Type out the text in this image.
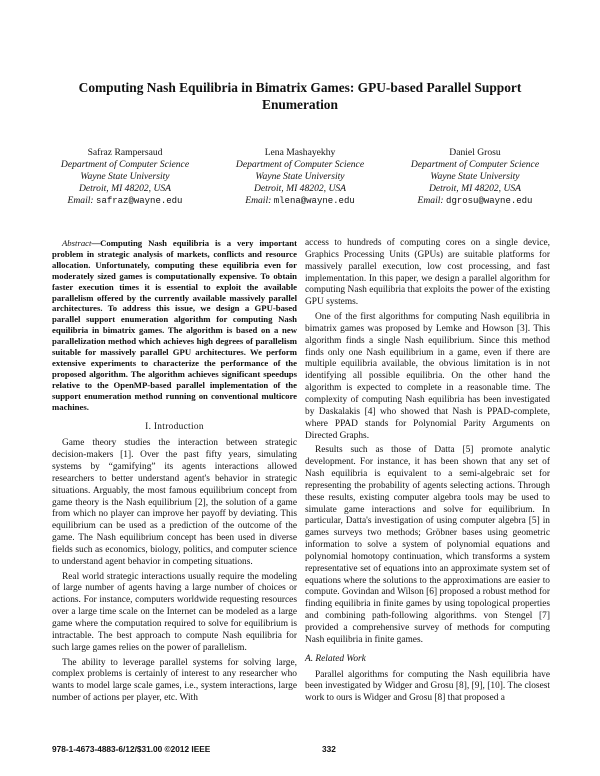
Computing Nash Equilibria in Bimatrix Games: GPU-based Parallel Support Enumeration
Safraz Rampersaud
Department of Computer Science
Wayne State University
Detroit, MI 48202, USA
Email: safraz@wayne.edu
Lena Mashayekhy
Department of Computer Science
Wayne State University
Detroit, MI 48202, USA
Email: mlena@wayne.edu
Daniel Grosu
Department of Computer Science
Wayne State University
Detroit, MI 48202, USA
Email: dgrosu@wayne.edu

Abstract—Computing Nash equilibria is a very important problem in strategic analysis of markets, conflicts and resource allocation. Unfortunately, computing these equilibria even for moderately sized games is computationally expensive. To obtain faster execution times it is essential to exploit the available parallelism offered by the currently available massively parallel architectures. To address this issue, we design a GPU-based parallel support enumeration algorithm for computing Nash equilibria in bimatrix games. The algorithm is based on a new parallelization method which achieves high degrees of parallelism suitable for massively parallel GPU architectures. We perform extensive experiments to characterize the performance of the proposed algorithm. The algorithm achieves significant speedups relative to the OpenMP-based parallel implementation of the support enumeration method running on conventional multicore machines.

I. Introduction

Game theory studies the interaction between strategic decision-makers [1]. Over the past fifty years, simulating systems by “gamifying” its agents interactions allowed researchers to better understand agent's behavior in strategic situations. Arguably, the most famous equilibrium concept from game theory is the Nash equilibrium [2], the solution of a game from which no player can improve her payoff by deviating. This equilibrium can be used as a prediction of the outcome of the game. The Nash equilibrium concept has been used in diverse fields such as economics, biology, politics, and computer science to understand agent behavior in competing situations.

Real world strategic interactions usually require the modeling of large number of agents having a large number of choices or actions. For instance, computers worldwide requesting resources over a large time scale on the Internet can be modeled as a large game where the computation required to solve for equilibrium is intractable. The best approach to compute Nash equilibria for such large games relies on the power of parallelism.

The ability to leverage parallel systems for solving large, complex problems is certainly of interest to any researcher who wants to model large scale games, i.e., system interactions, large number of actions per player, etc. With

access to hundreds of computing cores on a single device, Graphics Processing Units (GPUs) are suitable platforms for massively parallel execution, low cost processing, and fast implementation. In this paper, we design a parallel algorithm for computing Nash equilibria that exploits the power of the existing GPU systems.

One of the first algorithms for computing Nash equilibria in bimatrix games was proposed by Lemke and Howson [3]. This algorithm finds a single Nash equilibrium. Since this method finds only one Nash equilibrium in a game, even if there are multiple equilibria available, the obvious limitation is in not identifying all possible equilibria. On the other hand the algorithm is expected to complete in a reasonable time. The complexity of computing Nash equilibria has been investigated by Daskalakis [4] who showed that Nash is PPAD-complete, where PPAD stands for Polynomial Parity Arguments on Directed Graphs.

Results such as those of Datta [5] promote analytic development. For instance, it has been shown that any set of Nash equilibria is equivalent to a semi-algebraic set for representing the probability of agents selecting actions. Through these results, existing computer algebra tools may be used to simulate game interactions and solve for equilibrium. In particular, Datta's investigation of using computer algebra [5] in games surveys two methods; Gröbner bases using geometric information to solve a system of polynomial equations and polynomial homotopy continuation, which transforms a system representative set of equations into an approximate system set of equations where the solutions to the approximations are easier to compute. Govindan and Wilson [6] proposed a robust method for finding equilibria in finite games by using topological properties and combining path-following algorithms. von Stengel [7] provided a comprehensive survey of methods for computing Nash equilibria in finite games.

A. Related Work

Parallel algorithms for computing the Nash equilibria have been investigated by Widger and Grosu [8], [9], [10]. The closest work to ours is Widger and Grosu [8] that proposed a

978-1-4673-4883-6/12/$31.00 ©2012 IEEE	332
